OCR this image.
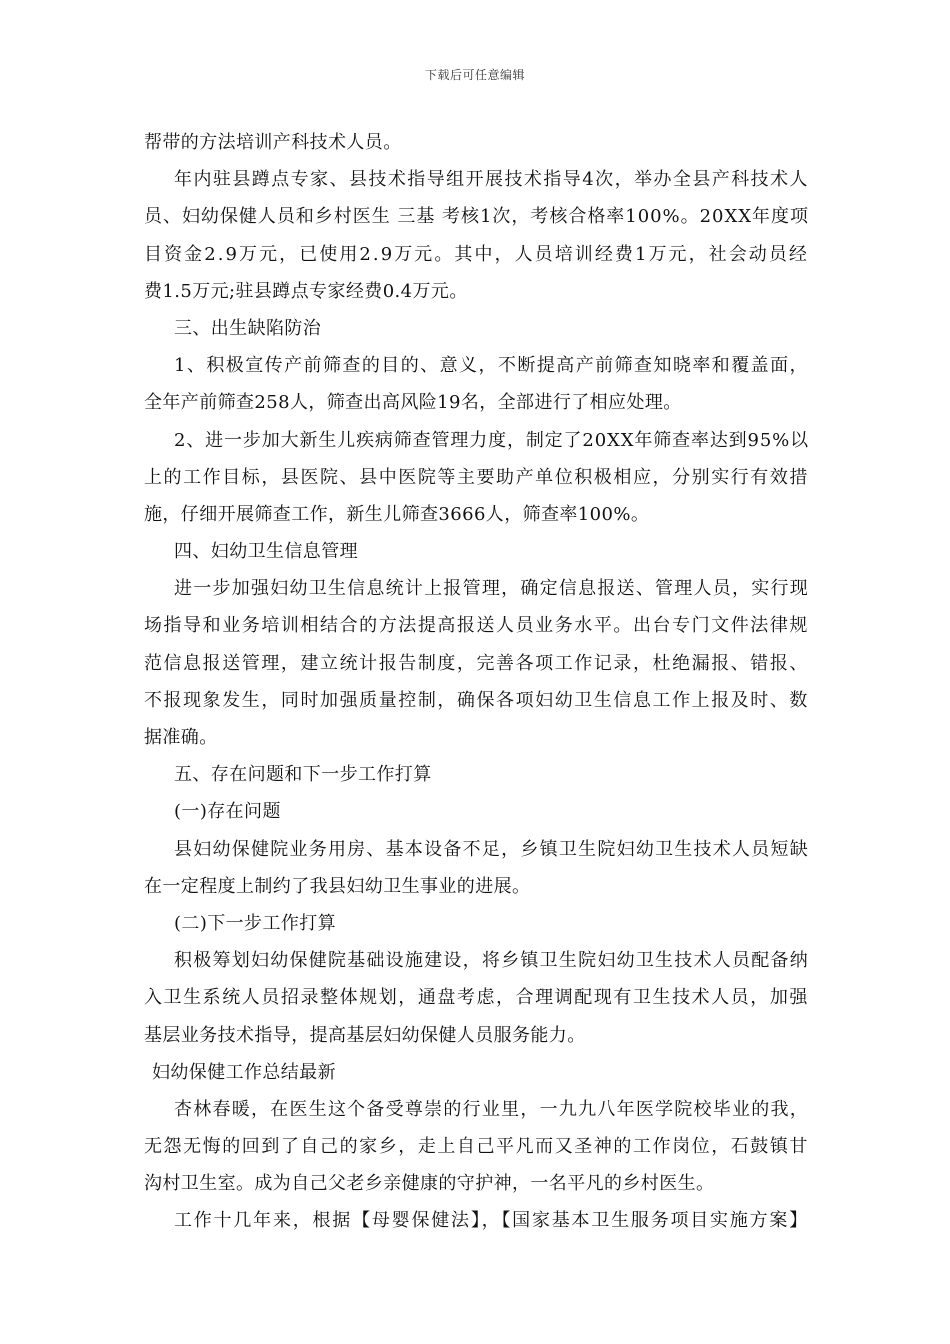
下载后可任意编辑
帮带的方法培训产科技术人员。
年内驻县蹲点专家、县技术指导组开展技术指导4次，举办全县产科技术人
员、妇幼保健人员和乡村医生 三基 考核1次，考核合格率100%。20XX年度项
目资金2.9万元，已使用2.9万元。其中，人员培训经费1万元，社会动员经
费1.5万元;驻县蹲点专家经费0.4万元。
三、出生缺陷防治
1、积极宣传产前筛查的目的、意义，不断提高产前筛查知晓率和覆盖面，
全年产前筛查258人，筛查出高风险19名，全部进行了相应处理。
2、进一步加大新生儿疾病筛查管理力度，制定了20XX年筛查率达到95%以
上的工作目标，县医院、县中医院等主要助产单位积极相应，分别实行有效措
施，仔细开展筛查工作，新生儿筛查3666人，筛查率100%。
四、妇幼卫生信息管理
进一步加强妇幼卫生信息统计上报管理，确定信息报送、管理人员，实行现
场指导和业务培训相结合的方法提高报送人员业务水平。出台专门文件法律规
范信息报送管理，建立统计报告制度，完善各项工作记录，杜绝漏报、错报、
不报现象发生，同时加强质量控制，确保各项妇幼卫生信息工作上报及时、数
据准确。
五、存在问题和下一步工作打算
(一)存在问题
县妇幼保健院业务用房、基本设备不足，乡镇卫生院妇幼卫生技术人员短缺
在一定程度上制约了我县妇幼卫生事业的进展。
(二)下一步工作打算
积极筹划妇幼保健院基础设施建设，将乡镇卫生院妇幼卫生技术人员配备纳
入卫生系统人员招录整体规划，通盘考虑，合理调配现有卫生技术人员，加强
基层业务技术指导，提高基层妇幼保健人员服务能力。
妇幼保健工作总结最新
杏林春暖，在医生这个备受尊崇的行业里，一九九八年医学院校毕业的我，
无怨无悔的回到了自己的家乡，走上自己平凡而又圣神的工作岗位，石鼓镇甘
沟村卫生室。成为自己父老乡亲健康的守护神，一名平凡的乡村医生。
工作十几年来，根据【母婴保健法】，【国家基本卫生服务项目实施方案】
